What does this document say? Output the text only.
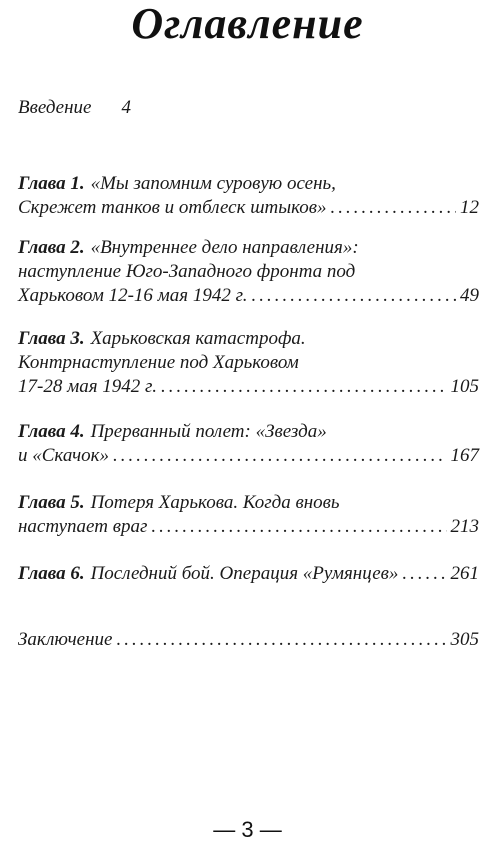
Оглавление
Введение 4
Глава 1. «Мы запомним суровую осень,
Скрежет танков и отблеск штыков» .....	12
Глава 2. «Внутреннее дело направления»:
наступление Юго-Западного фронта под
Харьковом 12-16 мая 1942 г. .....	49
Глава 3. Харьковская катастрофа.
Контрнаступление под Харьковом
17-28 мая 1942 г. .....	105
Глава 4. Прерванный полет: «Звезда»
и «Скачок» .....	167
Глава 5. Потеря Харькова. Когда вновь
наступает враг .....	213
Глава 6. Последний бой. Операция «Румянцев» .....	261
Заключение .....	305
— 3 —
